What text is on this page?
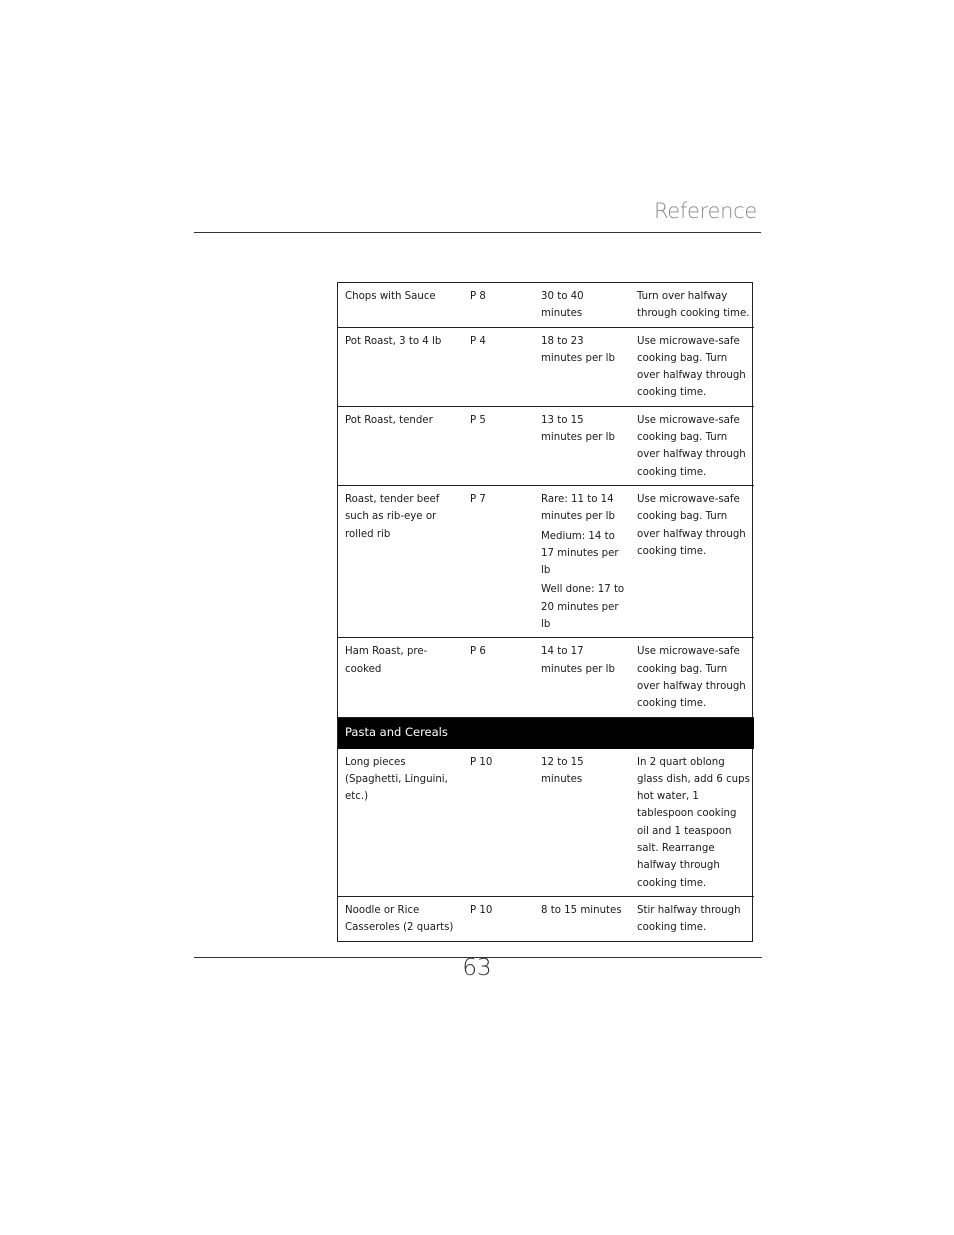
Reference
Chops with Sauce	P 8	30 to 40 minutes	Turn over halfway through cooking time.
Pot Roast, 3 to 4 lb	P 4	18 to 23 minutes per lb	Use microwave-safe cooking bag. Turn over halfway through cooking time.
Pot Roast, tender	P 5	13 to 15 minutes per lb	Use microwave-safe cooking bag. Turn over halfway through cooking time.
Roast, tender beef such as rib-eye or rolled rib	P 7	Rare: 11 to 14 minutes per lb
Medium: 14 to 17 minutes per lb
Well done: 17 to 20 minutes per lb	Use microwave-safe cooking bag. Turn over halfway through cooking time.
Ham Roast, pre-cooked	P 6	14 to 17 minutes per lb	Use microwave-safe cooking bag. Turn over halfway through cooking time.
Pasta and Cereals			
Long pieces (Spaghetti, Linguini, etc.)	P 10	12 to 15 minutes	In 2 quart oblong glass dish, add 6 cups hot water, 1 tablespoon cooking oil and 1 teaspoon salt. Rearrange halfway through cooking time.
Noodle or Rice Casseroles (2 quarts)	P 10	8 to 15 minutes	Stir halfway through cooking time.
63
